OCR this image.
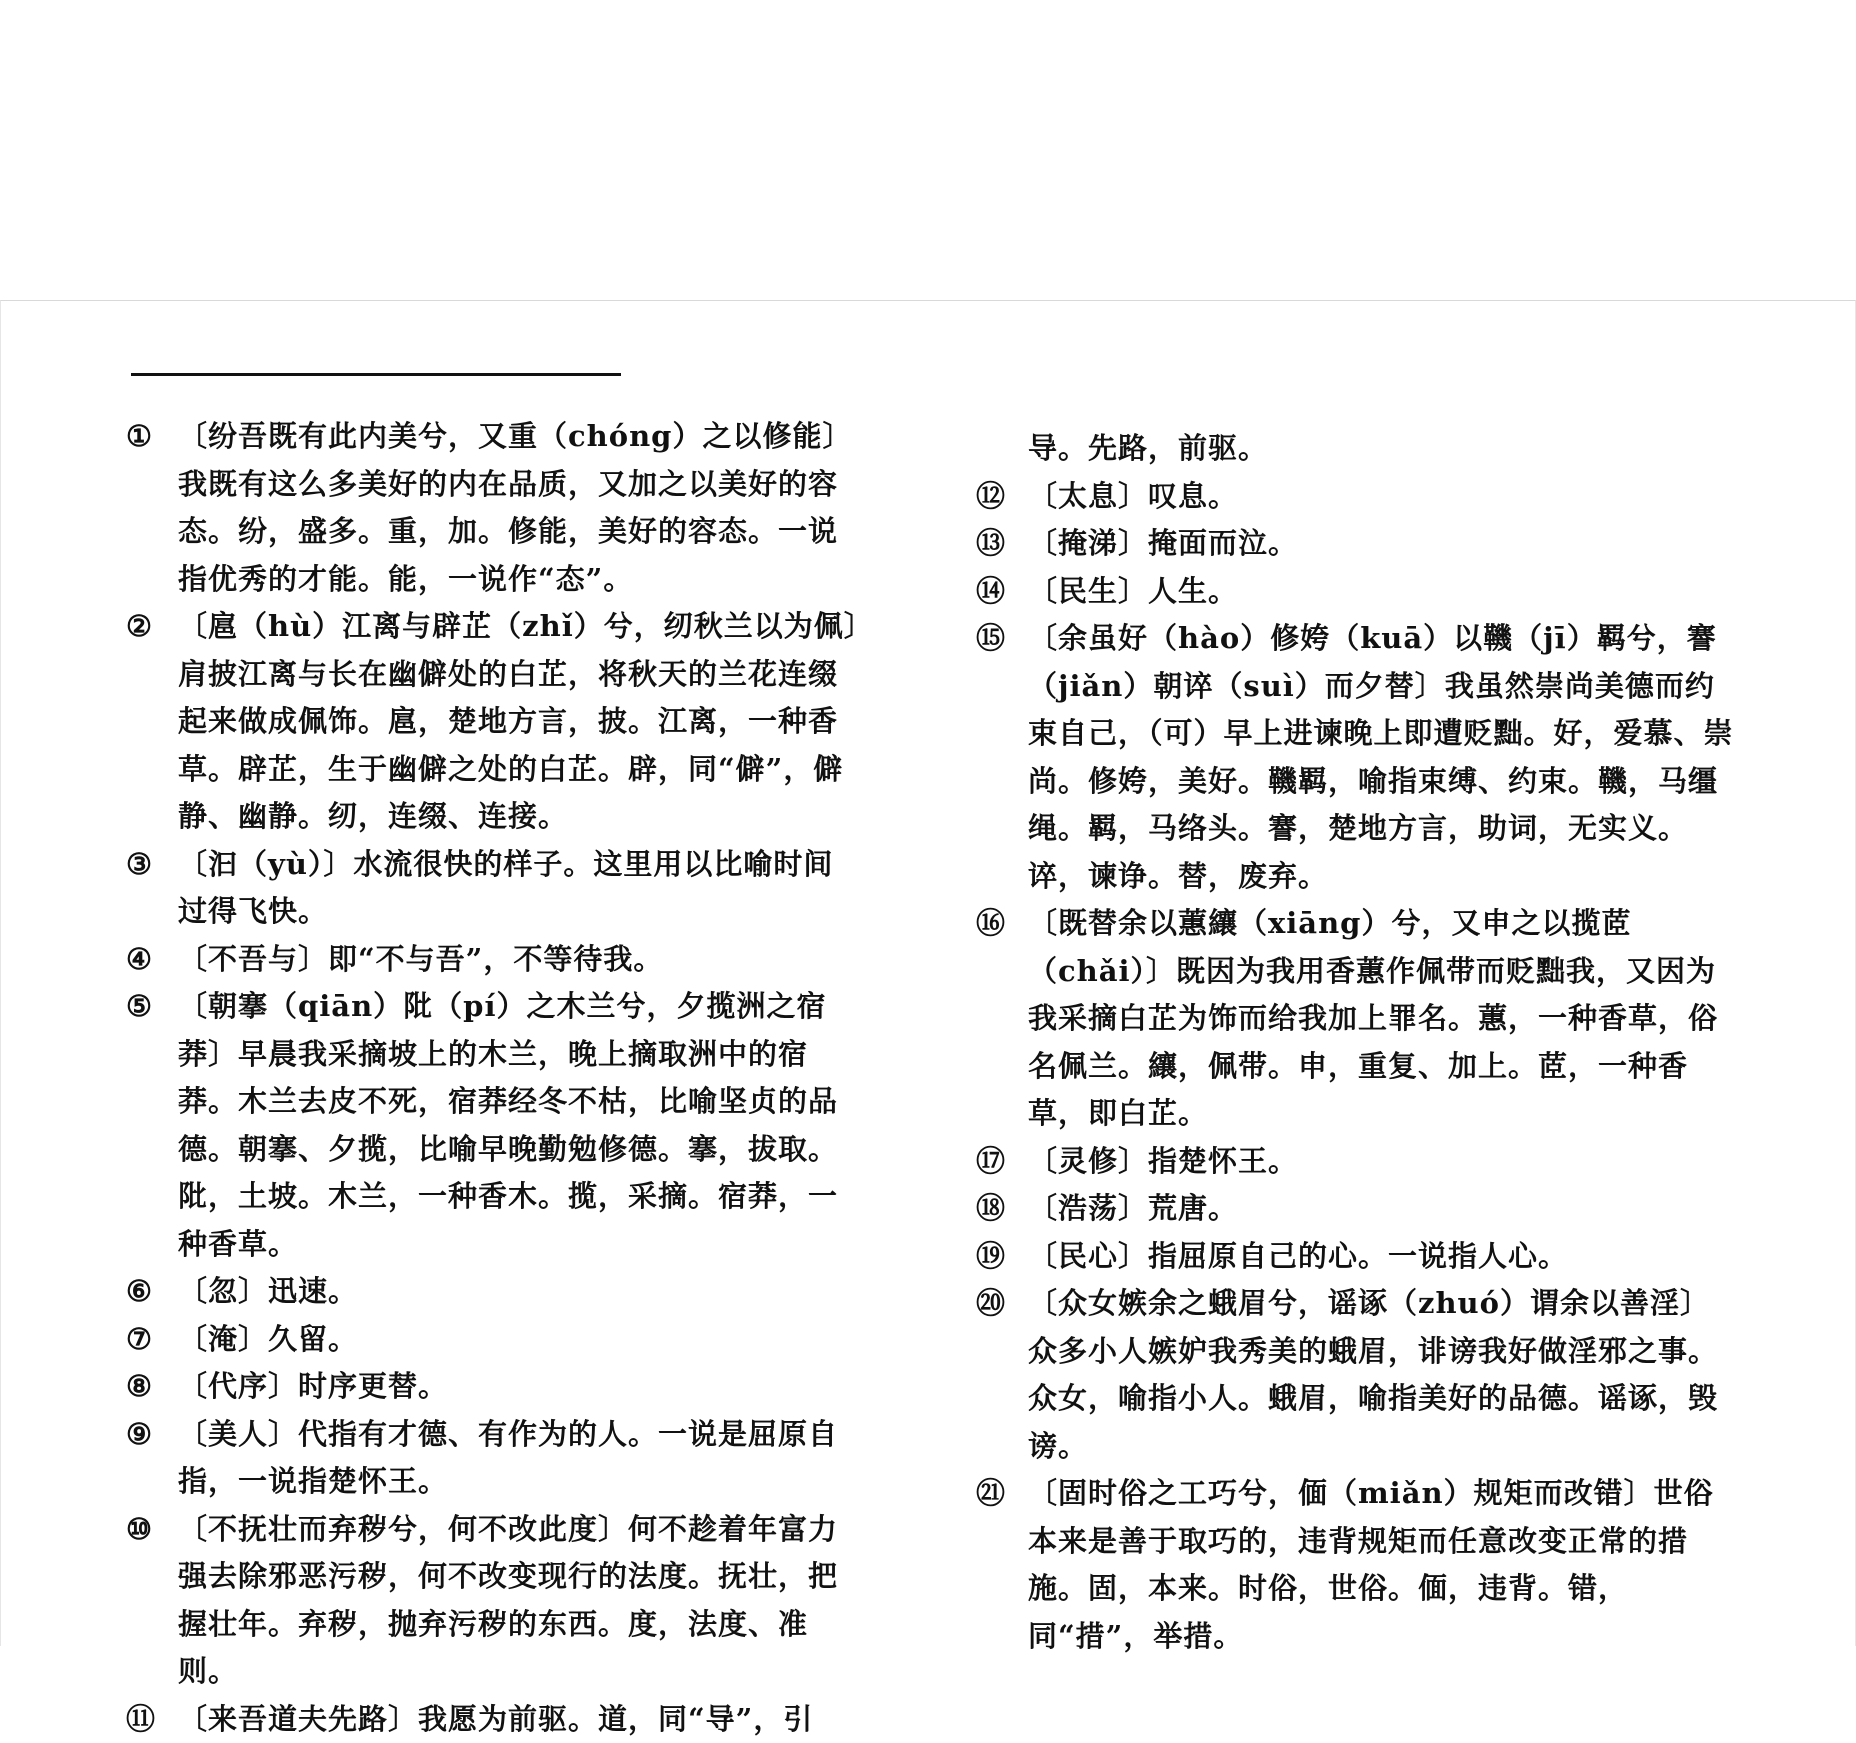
① 〔纷吾既有此内美兮，又重（chóng）之以修能〕我既有这么多美好的内在品质，又加之以美好的容态。纷，盛多。重，加。修能，美好的容态。一说指优秀的才能。能，一说作“态”。
② 〔扈（hù）江离与辟芷（zhǐ）兮，纫秋兰以为佩〕肩披江离与长在幽僻处的白芷，将秋天的兰花连缀起来做成佩饰。扈，楚地方言，披。江离，一种香草。辟芷，生于幽僻之处的白芷。辟，同“僻”，僻静、幽静。纫，连缀、连接。
③ 〔汩（yù）〕水流很快的样子。这里用以比喻时间过得飞快。
④ 〔不吾与〕即“不与吾”，不等待我。
⑤ 〔朝搴（qiān）阰（pí）之木兰兮，夕揽洲之宿莽〕早晨我采摘坡上的木兰，晚上摘取洲中的宿莽。木兰去皮不死，宿莽经冬不枯，比喻坚贞的品德。朝搴、夕揽，比喻早晚勤勉修德。搴，拔取。阰，土坡。木兰，一种香木。揽，采摘。宿莽，一种香草。
⑥ 〔忽〕迅速。
⑦ 〔淹〕久留。
⑧ 〔代序〕时序更替。
⑨ 〔美人〕代指有才德、有作为的人。一说是屈原自指，一说指楚怀王。
⑩ 〔不抚壮而弃秽兮，何不改此度〕何不趁着年富力强去除邪恶污秽，何不改变现行的法度。抚壮，把握壮年。弃秽，抛弃污秽的东西。度，法度、准则。
⑪ 〔来吾道夫先路〕我愿为前驱。道，同“导”，引
导。先路，前驱。
⑫ 〔太息〕叹息。
⑬ 〔掩涕〕掩面而泣。
⑭ 〔民生〕人生。
⑮ 〔余虽好（hào）修姱（kuā）以鞿（jī）羁兮，謇（jiǎn）朝谇（suì）而夕替〕我虽然崇尚美德而约束自己，（可）早上进谏晚上即遭贬黜。好，爱慕、崇尚。修姱，美好。鞿羁，喻指束缚、约束。鞿，马缰绳。羁，马络头。謇，楚地方言，助词，无实义。谇，谏诤。替，废弃。
⑯ 〔既替余以蕙纕（xiāng）兮，又申之以揽茝（chǎi）〕既因为我用香蕙作佩带而贬黜我，又因为我采摘白芷为饰而给我加上罪名。蕙，一种香草，俗名佩兰。纕，佩带。申，重复、加上。茝，一种香草，即白芷。
⑰ 〔灵修〕指楚怀王。
⑱ 〔浩荡〕荒唐。
⑲ 〔民心〕指屈原自己的心。一说指人心。
⑳ 〔众女嫉余之蛾眉兮，谣诼（zhuó）谓余以善淫〕众多小人嫉妒我秀美的蛾眉，诽谤我好做淫邪之事。众女，喻指小人。蛾眉，喻指美好的品德。谣诼，毁谤。
㉑ 〔固时俗之工巧兮，偭（miǎn）规矩而改错〕世俗本来是善于取巧的，违背规矩而任意改变正常的措施。固，本来。时俗，世俗。偭，违背。错，同“措”，举措。
